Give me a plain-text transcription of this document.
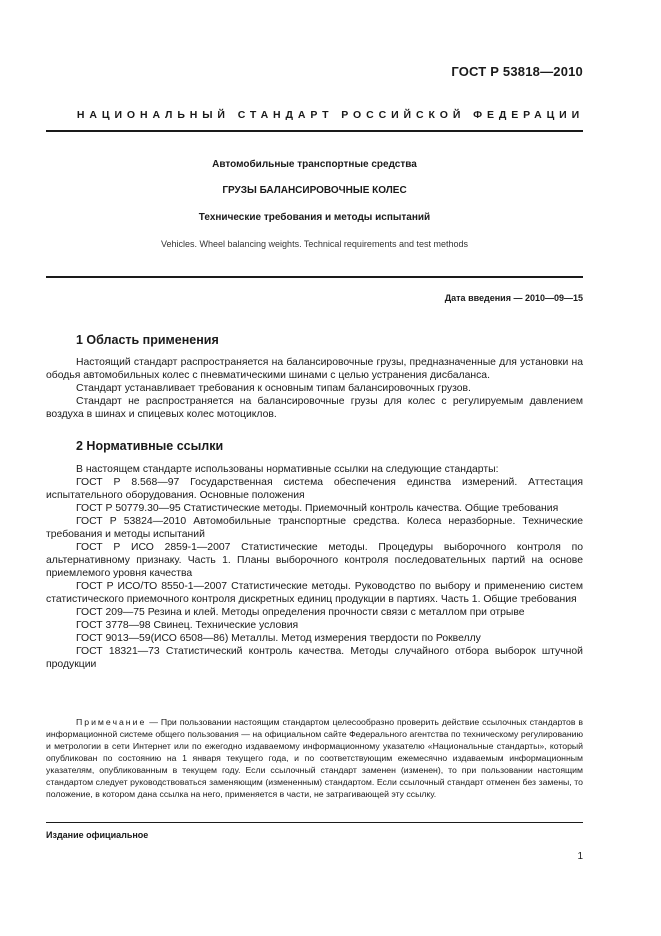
ГОСТ Р 53818—2010
НАЦИОНАЛЬНЫЙ СТАНДАРТ РОССИЙСКОЙ ФЕДЕРАЦИИ
Автомобильные транспортные средства
ГРУЗЫ БАЛАНСИРОВОЧНЫЕ КОЛЕС
Технические требования и методы испытаний
Vehicles. Wheel balancing weights. Technical requirements and test methods
Дата введения — 2010—09—15
1 Область применения

Настоящий стандарт распространяется на балансировочные грузы, предназначенные для установки на ободья автомобильных колес с пневматическими шинами с целью устранения дисбаланса.

Стандарт устанавливает требования к основным типам балансировочных грузов.

Стандарт не распространяется на балансировочные грузы для колес с регулируемым давлением воздуха в шинах и спицевых колес мотоциклов.

2 Нормативные ссылки

В настоящем стандарте использованы нормативные ссылки на следующие стандарты:

ГОСТ Р 8.568—97 Государственная система обеспечения единства измерений. Аттестация испытательного оборудования. Основные положения

ГОСТ Р 50779.30—95 Статистические методы. Приемочный контроль качества. Общие требования

ГОСТ Р 53824—2010 Автомобильные транспортные средства. Колеса неразборные. Технические требования и методы испытаний

ГОСТ Р ИСО 2859-1—2007 Статистические методы. Процедуры выборочного контроля по альтернативному признаку. Часть 1. Планы выборочного контроля последовательных партий на основе приемлемого уровня качества

ГОСТ Р ИСО/ТО 8550-1—2007 Статистические методы. Руководство по выбору и применению систем статистического приемочного контроля дискретных единиц продукции в партиях. Часть 1. Общие требования

ГОСТ 209—75 Резина и клей. Методы определения прочности связи с металлом при отрыве

ГОСТ 3778—98 Свинец. Технические условия

ГОСТ 9013—59(ИСО 6508—86) Металлы. Метод измерения твердости по Роквеллу

ГОСТ 18321—73 Статистический контроль качества. Методы случайного отбора выборок штучной продукции

Примечание — При пользовании настоящим стандартом целесообразно проверить действие ссылочных стандартов в информационной системе общего пользования — на официальном сайте Федерального агентства по техническому регулированию и метрологии в сети Интернет или по ежегодно издаваемому информационному указателю «Национальные стандарты», который опубликован по состоянию на 1 января текущего года, и по соответствующим ежемесячно издаваемым информационным указателям, опубликованным в текущем году. Если ссылочный стандарт заменен (изменен), то при пользовании настоящим стандартом следует руководствоваться заменяющим (измененным) стандартом. Если ссылочный стандарт отменен без замены, то положение, в котором дана ссылка на него, применяется в части, не затрагивающей эту ссылку.

Издание официальное
1
